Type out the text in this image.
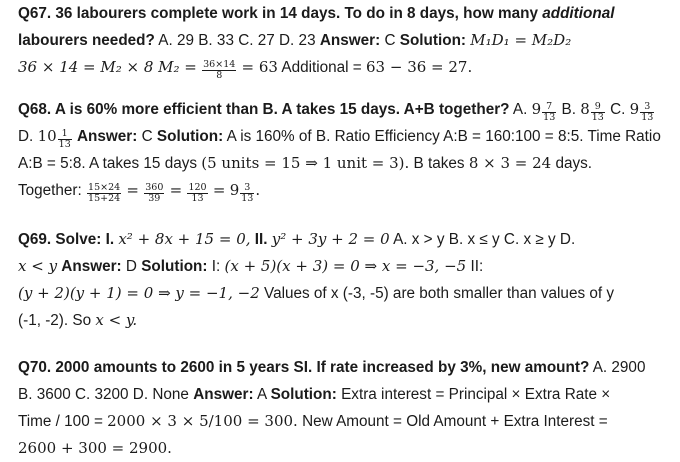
Q67. 36 labourers complete work in 14 days. To do in 8 days, how many additional
labourers needed? A. 29 B. 33 C. 27 D. 23 Answer: C Solution: M₁D₁ = M₂D₂
36 × 14 = M₂ × 8 $M_2 = \frac{36\times 14}{8} = 63$ Additional = 63 − 36 = 27.
Q68. A is 60% more efficient than B. A takes 15 days. A+B together? A. $9 \frac{7}{13} B$. $8 \frac{9}{13} C$. $9 \frac{3}{13}$
D. $10 \frac{1}{13}$ Answer: C Solution: A is 160% of B. Ratio Efficiency A:B = 160:100 = 8:5. Time Ratio
A:B = 5:8. A takes 15 days (5 units = 15 ⇒ 1 unit = 3). B takes 8 × 3 = 24 days.
Together: $\frac{15\times 24}{15+24} = \frac{360}{39} = \frac{120}{13} = 9 \frac{3}{13}$ .
Q69. Solve: I. x² + 8x + 15 = 0, II. y² + 3y + 2 = 0 A. x > y B. x ≤ y C. x ≥ y D.
x < y Answer: D Solution: I: (x + 5)(x + 3) = 0 ⇒ x = −3, −5 II:
(y + 2)(y + 1) = 0 ⇒ y = −1, −2 Values of x (-3, -5) are both smaller than values of y
(-1, -2). So x < y.
Q70. 2000 amounts to 2600 in 5 years SI. If rate increased by 3%, new amount? A. 2900
B. 3600 C. 3200 D. None Answer: A Solution: Extra interest = Principal × Extra Rate ×
Time / 100 = 2000 × 3 × 5/100 = 300. New Amount = Old Amount + Extra Interest =
2600 + 300 = 2900.
